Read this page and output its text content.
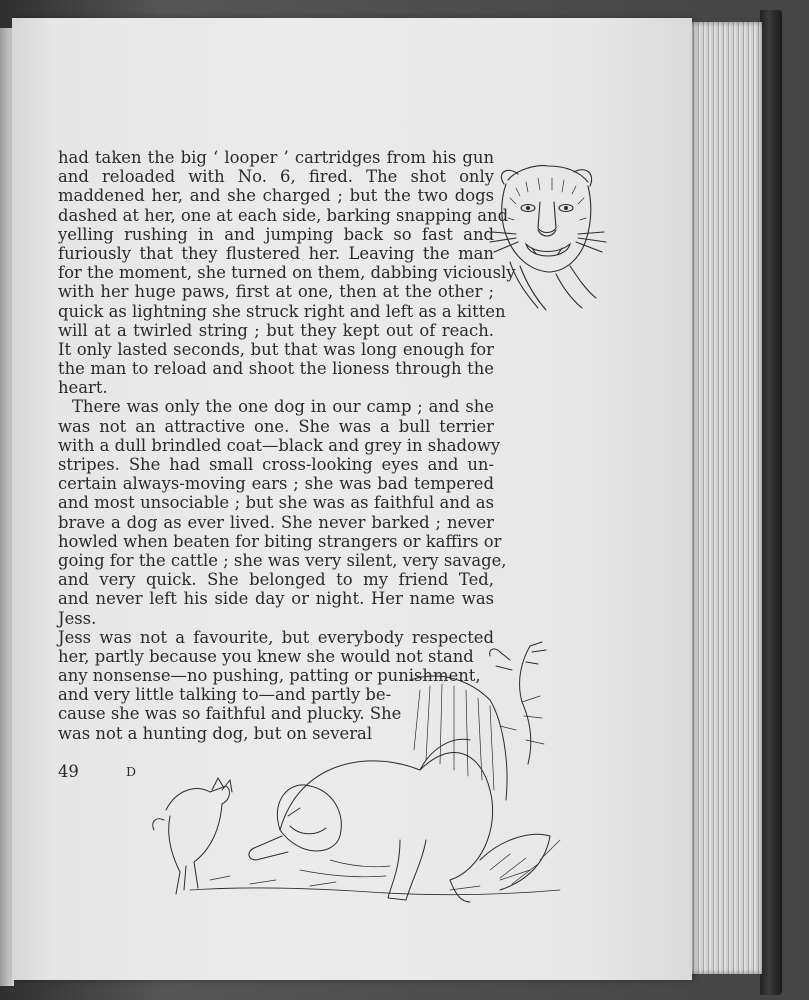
had taken the big ‘ looper ’ cartridges from his gun
and reloaded with No. 6, fired. The shot only
maddened her, and she charged ; but the two dogs
dashed at her, one at each side, barking snapping and
yelling rushing in and jumping back so fast and
furiously that they flustered her. Leaving the man
for the moment, she turned on them, dabbing viciously
with her huge paws, first at one, then at the other ;
quick as lightning she struck right and left as a kitten
will at a twirled string ; but they kept out of reach.
It only lasted seconds, but that was long enough for
the man to reload and shoot the lioness through the
heart.
There was only the one dog in our camp ; and she
was not an attractive one. She was a bull terrier
with a dull brindled coat—black and grey in shadowy
stripes. She had small cross-looking eyes and un-
certain always-moving ears ; she was bad tempered
and most unsociable ; but she was as faithful and as
brave a dog as ever lived. She never barked ; never
howled when beaten for biting strangers or kaffirs or
going for the cattle ; she was very silent, very savage,
and very quick. She belonged to my friend Ted,
and never left his side day or night. Her name was
Jess.
Jess was not a favourite, but everybody respected
her, partly because you knew she would not stand
any nonsense—no pushing, patting or punishment,
and very little talking to—and partly be-
cause she was so faithful and plucky. She
was not a hunting dog, but on several
49	D
